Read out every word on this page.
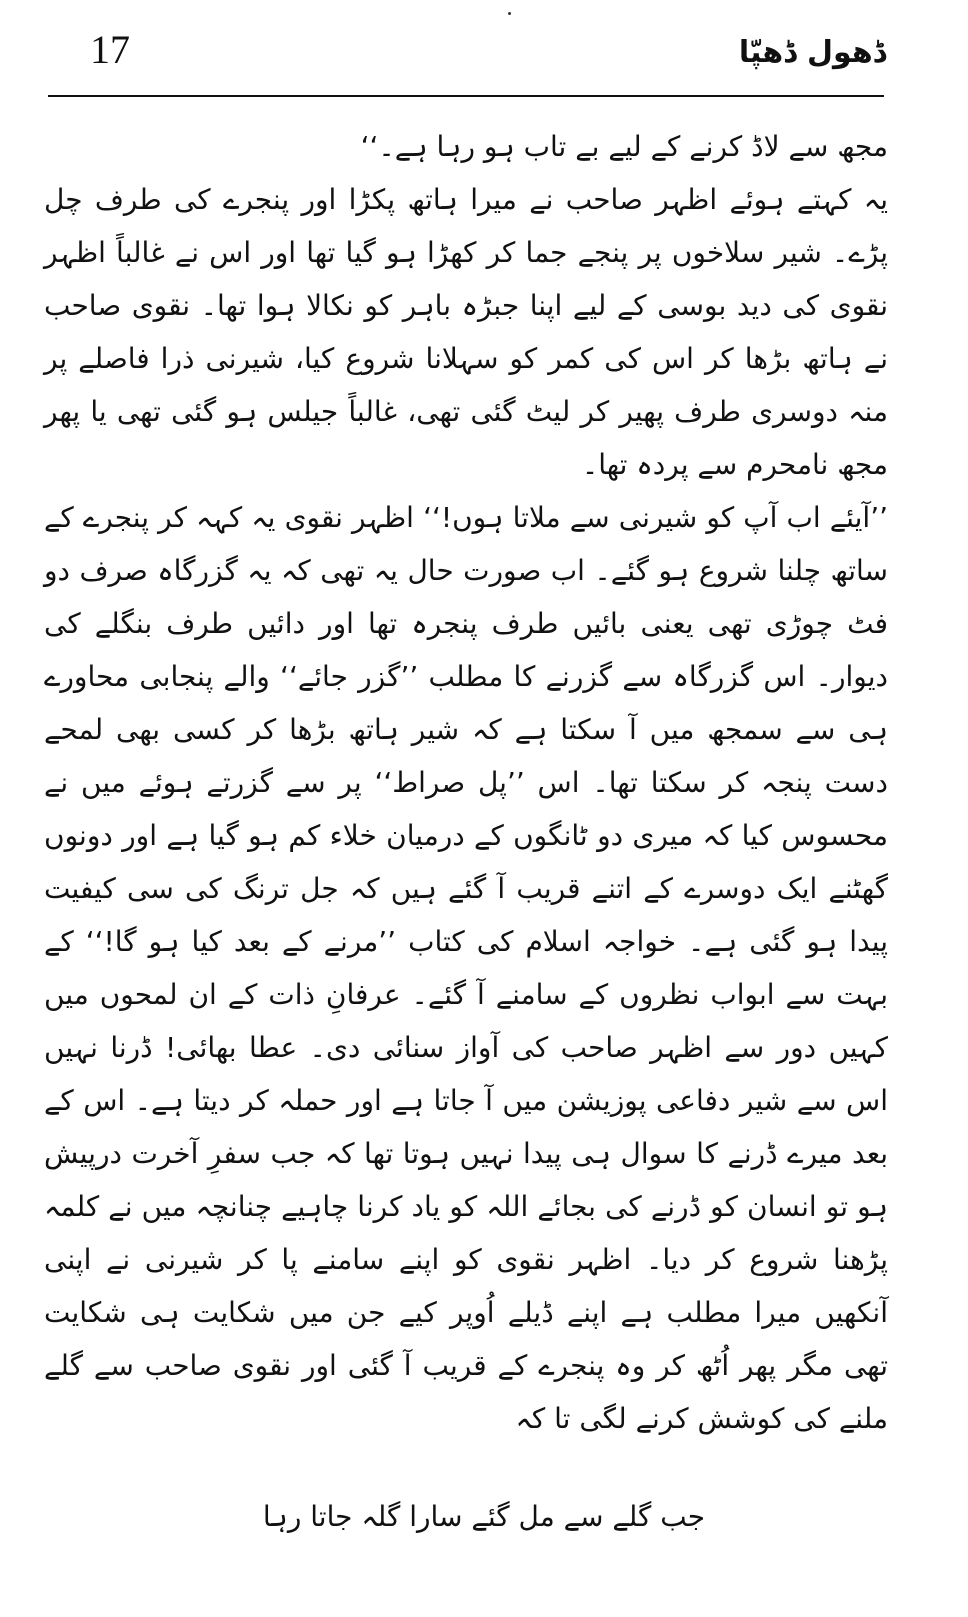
17	ڈھول ڈھپّا

مجھ سے لاڈ کرنے کے لیے بے تاب ہو رہا ہے۔‘‘

یہ کہتے ہوئے اظہر صاحب نے میرا ہاتھ پکڑا اور پنجرے کی طرف چل پڑے۔ شیر سلاخوں پر پنجے جما کر کھڑا ہو گیا تھا اور اس نے غالباً اظہر نقوی کی دید بوسی کے لیے اپنا جبڑہ باہر کو نکالا ہوا تھا۔ نقوی صاحب نے ہاتھ بڑھا کر اس کی کمر کو سہلانا شروع کیا، شیرنی ذرا فاصلے پر منہ دوسری طرف پھیر کر لیٹ گئی تھی، غالباً جیلس ہو گئی تھی یا پھر مجھ نامحرم سے پردہ تھا۔

’’آیئے اب آپ کو شیرنی سے ملاتا ہوں!‘‘ اظہر نقوی یہ کہہ کر پنجرے کے ساتھ چلنا شروع ہو گئے۔ اب صورت حال یہ تھی کہ یہ گزرگاہ صرف دو فٹ چوڑی تھی یعنی بائیں طرف پنجرہ تھا اور دائیں طرف بنگلے کی دیوار۔ اس گزرگاہ سے گزرنے کا مطلب ’’گزر جائے‘‘ والے پنجابی محاورے ہی سے سمجھ میں آ سکتا ہے کہ شیر ہاتھ بڑھا کر کسی بھی لمحے دست پنجہ کر سکتا تھا۔ اس ’’پل صراط‘‘ پر سے گزرتے ہوئے میں نے محسوس کیا کہ میری دو ٹانگوں کے درمیان خلاء کم ہو گیا ہے اور دونوں گھٹنے ایک دوسرے کے اتنے قریب آ گئے ہیں کہ جل ترنگ کی سی کیفیت پیدا ہو گئی ہے۔ خواجہ اسلام کی کتاب ’’مرنے کے بعد کیا ہو گا!‘‘ کے بہت سے ابواب نظروں کے سامنے آ گئے۔ عرفانِ ذات کے ان لمحوں میں کہیں دور سے اظہر صاحب کی آواز سنائی دی۔ عطا بھائی! ڈرنا نہیں اس سے شیر دفاعی پوزیشن میں آ جاتا ہے اور حملہ کر دیتا ہے۔ اس کے بعد میرے ڈرنے کا سوال ہی پیدا نہیں ہوتا تھا کہ جب سفرِ آخرت درپیش ہو تو انسان کو ڈرنے کی بجائے اللہ کو یاد کرنا چاہیے چنانچہ میں نے کلمہ پڑھنا شروع کر دیا۔ اظہر نقوی کو اپنے سامنے پا کر شیرنی نے اپنی آنکھیں میرا مطلب ہے اپنے ڈیلے اُوپر کیے جن میں شکایت ہی شکایت تھی مگر پھر اُٹھ کر وہ پنجرے کے قریب آ گئی اور نقوی صاحب سے گلے ملنے کی کوشش کرنے لگی تا کہ

جب گلے سے مل گئے سارا گلہ جاتا رہا
